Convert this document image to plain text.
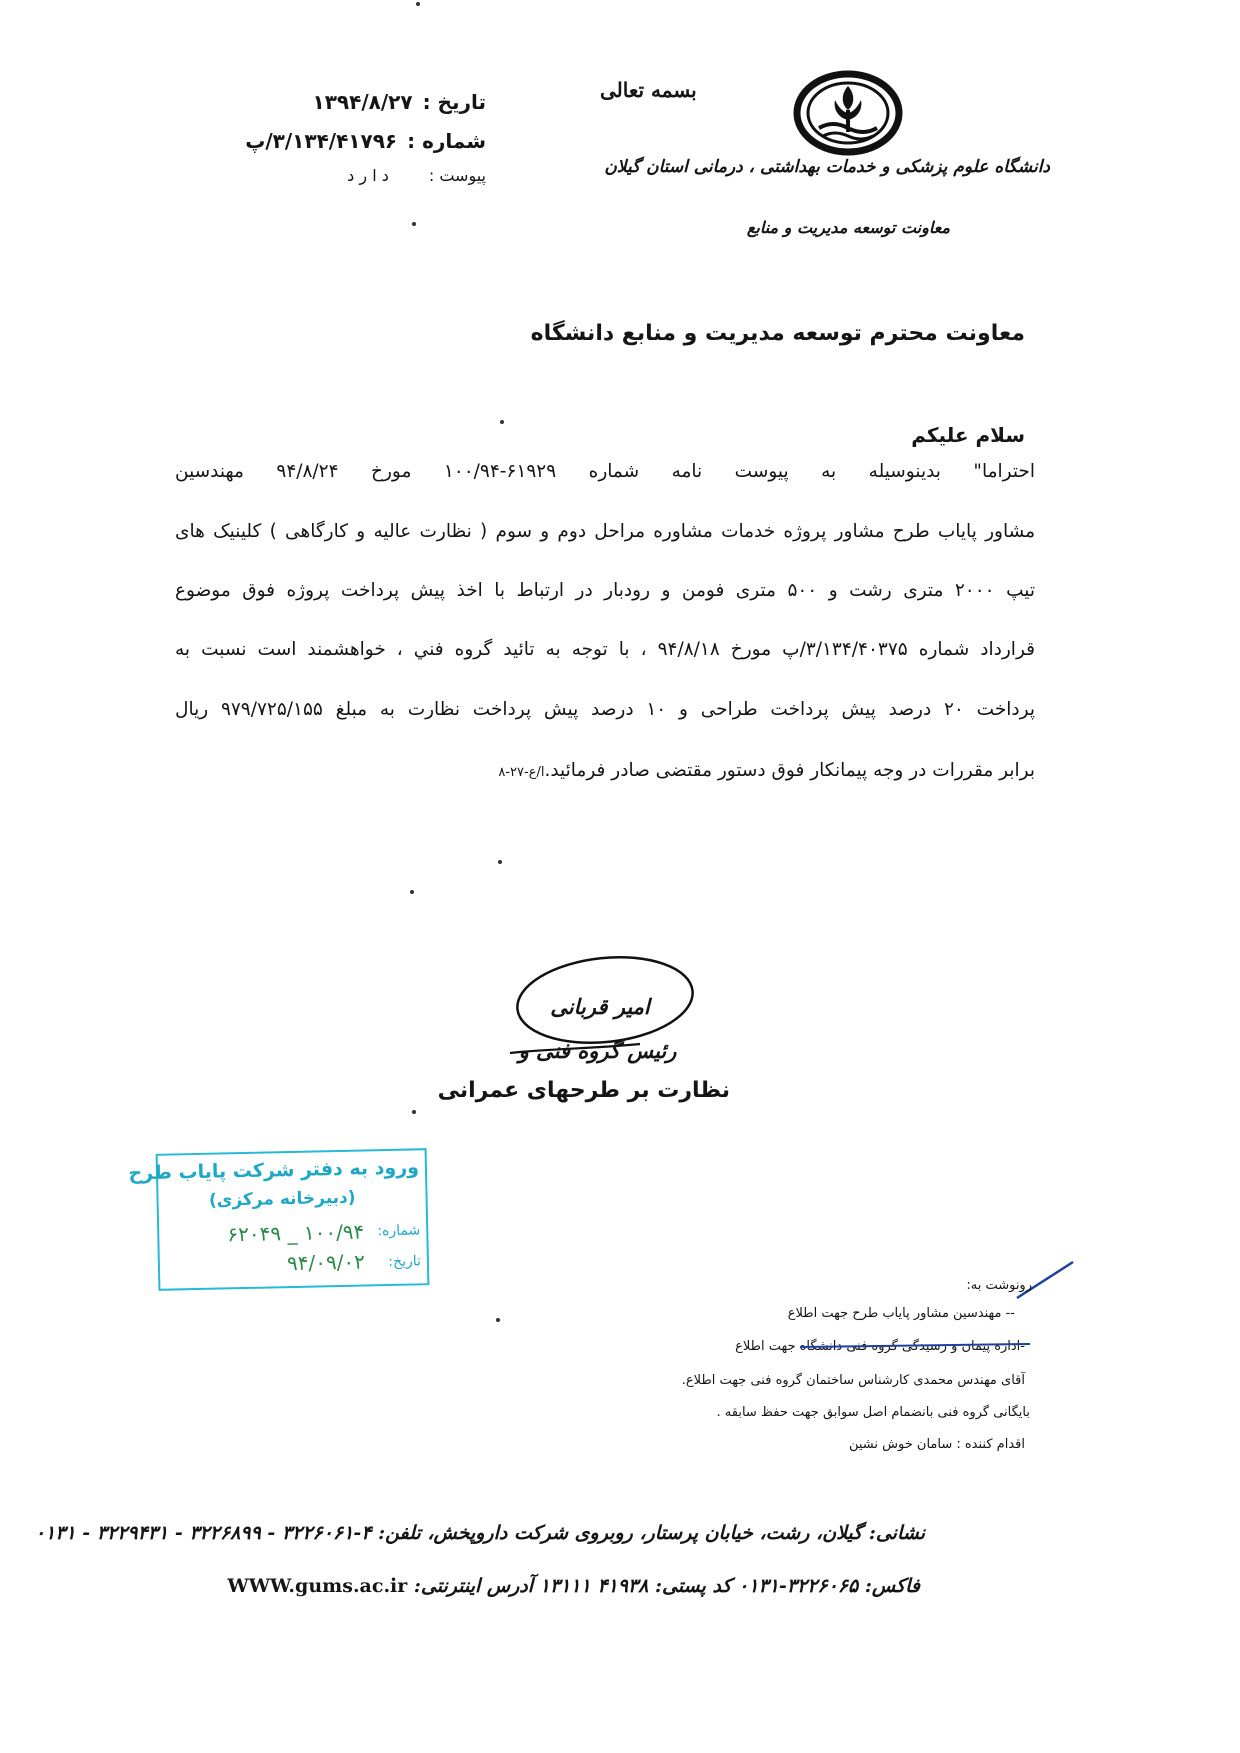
تاریخ :۱۳۹۴/۸/۲۷
شماره :۳/۱۳۴/۴۱۷۹۶/پ
پیوست :د ا ر د
بسمه تعالی
دانشگاه علوم پزشکی و خدمات بهداشتی ، درمانی استان گیلان
معاونت توسعه مدیریت و منابع
معاونت محترم توسعه مدیریت و منابع دانشگاه
سلام علیکم
احتراما" بدینوسیله به پیوست نامه شماره ۶۱۹۲۹-۱۰۰/۹۴ مورخ ۹۴/۸/۲۴ مهندسین
مشاور پایاب طرح مشاور پروژه خدمات مشاوره مراحل دوم و سوم ( نظارت عالیه و کارگاهی ) کلینیک های
تیپ ۲۰۰۰ متری رشت و ۵۰۰ متری فومن و رودبار در ارتباط با اخذ پیش پرداخت پروژه فوق موضوع
قرارداد شماره ۳/۱۳۴/۴۰۳۷۵/پ مورخ ۹۴/۸/۱۸ ، با توجه به تائید گروه فني ، خواهشمند است نسبت به
پرداخت ۲۰ درصد پیش پرداخت طراحی و ۱۰ درصد پیش پرداخت نظارت به مبلغ ۹۷۹/۷۲۵/۱۵۵ ریال
برابر مقررات در وجه پیمانکار فوق دستور مقتضی صادر فرمائید.ا/ع-۲۷-۸
امیر قربانی
رئیس گروه فنی و
نظارت بر طرحهای عمرانی
ورود به دفتر شرکت پایاب طرح
(دبیرخانه مرکزی)
شماره:
۱۰۰/۹۴ _ ۶۲۰۴۹
تاریخ:
۹۴/۰۹/۰۲
رونوشت به:
-- مهندسین مشاور پایاب طرح جهت اطلاع
-اداره پیمان و رسیدگی گروه فنی دانشگاه جهت اطلاع
آقای مهندس محمدی کارشناس ساختمان گروه فنی جهت اطلاع.
بایگانی گروه فنی بانضمام اصل سوابق جهت حفظ سابقه .
اقدام کننده : سامان خوش نشین
نشانی: گیلان، رشت، خیابان پرستار، روبروی شرکت داروپخش، تلفن: ۴-۳۲۲۶۰۶۱ - ۳۲۲۶۸۹۹ - ۳۲۲۹۴۳۱ - ۰۱۳۱
فاکس: ۳۲۲۶۰۶۵-۰۱۳۱ کد پستی: ۴۱۹۳۸ ۱۳۱۱۱ آدرس اینترنتی: WWW.gums.ac.ir
